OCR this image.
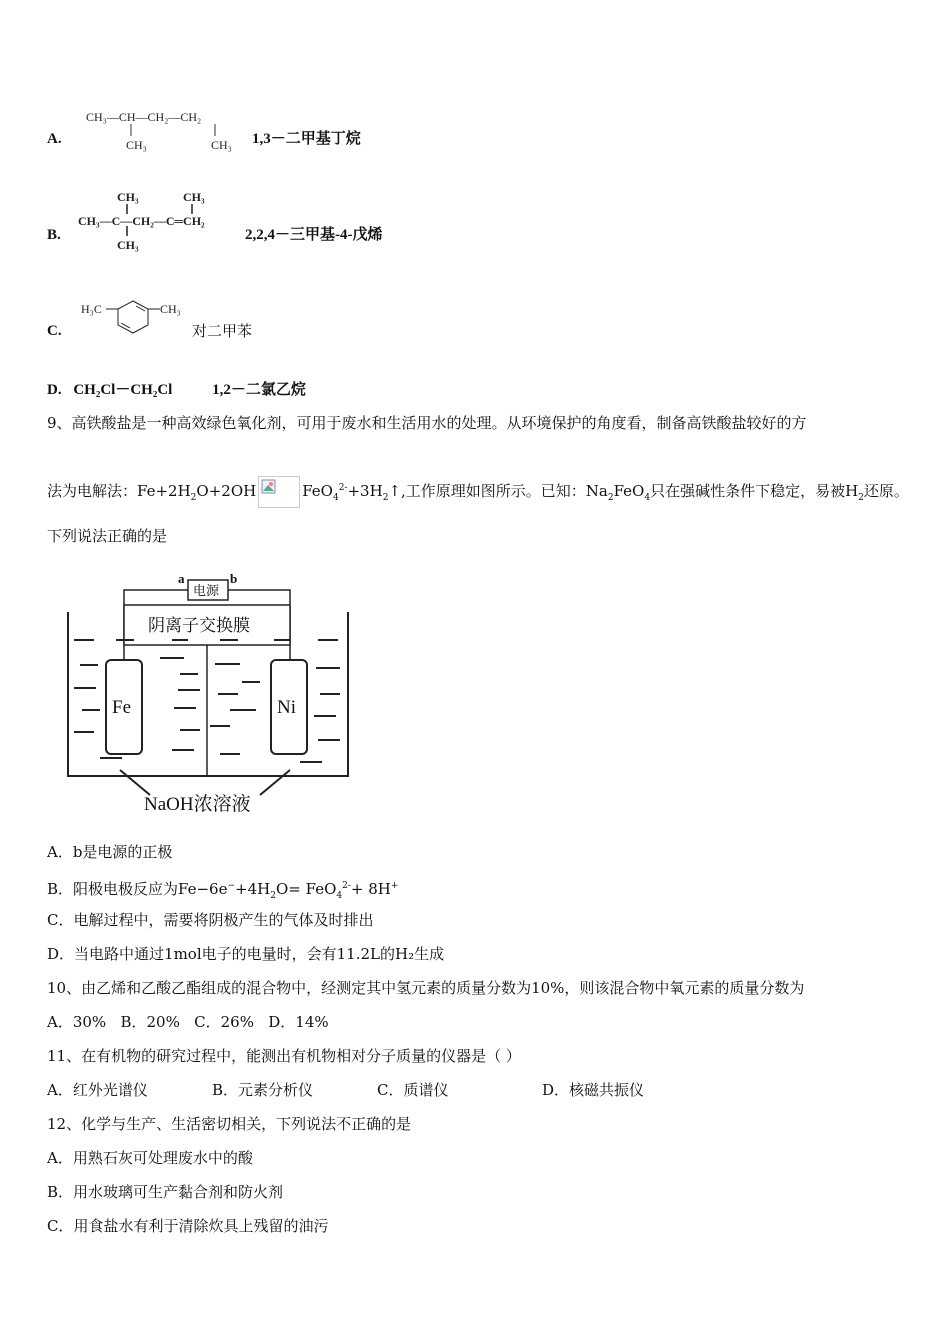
A.
CH₃—CH—CH₂—CH₂
CH₃	CH₃ 1,3－二甲基丁烷
B.
CH₃	CH₃
CH₃—C—CH₂—C═CH₂
CH₃
2,2,4－三甲基-4-戊烯
C.
H₃C	CH₃
对二甲苯
D. CH₂Cl－CH₂Cl	1,2－二氯乙烷
9、高铁酸盐是一种高效绿色氧化剂，可用于废水和生活用水的处理。从环境保护的角度看，制备高铁酸盐较好的方
法为电解法：$Fe+2H_2O+2OH$	$FeO_4^{2-}+3H_2↑$,工作原理如图所示。已知：$Na_2FeO_4$只在强碱性条件下稳定，易被$H_2$还原。
下列说法正确的是
a	b
电源
阴离子交换膜
Fe	Ni
NaOH浓溶液
A．b是电源的正极
B．阳极电极反应为$Fe-6e^-+4H_2O= FeO_4^{2-}+ 8H^+$
C．电解过程中，需要将阴极产生的气体及时排出
D．当电路中通过1mol电子的电量时，会有11.2L的H₂生成
10、由乙烯和乙酸乙酯组成的混合物中，经测定其中氢元素的质量分数为10%，则该混合物中氧元素的质量分数为
A．30%   B．20%   C．26%   D．14%
11、在有机物的研究过程中，能测出有机物相对分子质量的仪器是（ ）
A．红外光谱仪	B．元素分析仪	C．质谱仪	D．核磁共振仪
12、化学与生产、生活密切相关，下列说法不正确的是
A．用熟石灰可处理废水中的酸
B．用水玻璃可生产黏合剂和防火剂
C．用食盐水有利于清除炊具上残留的油污
